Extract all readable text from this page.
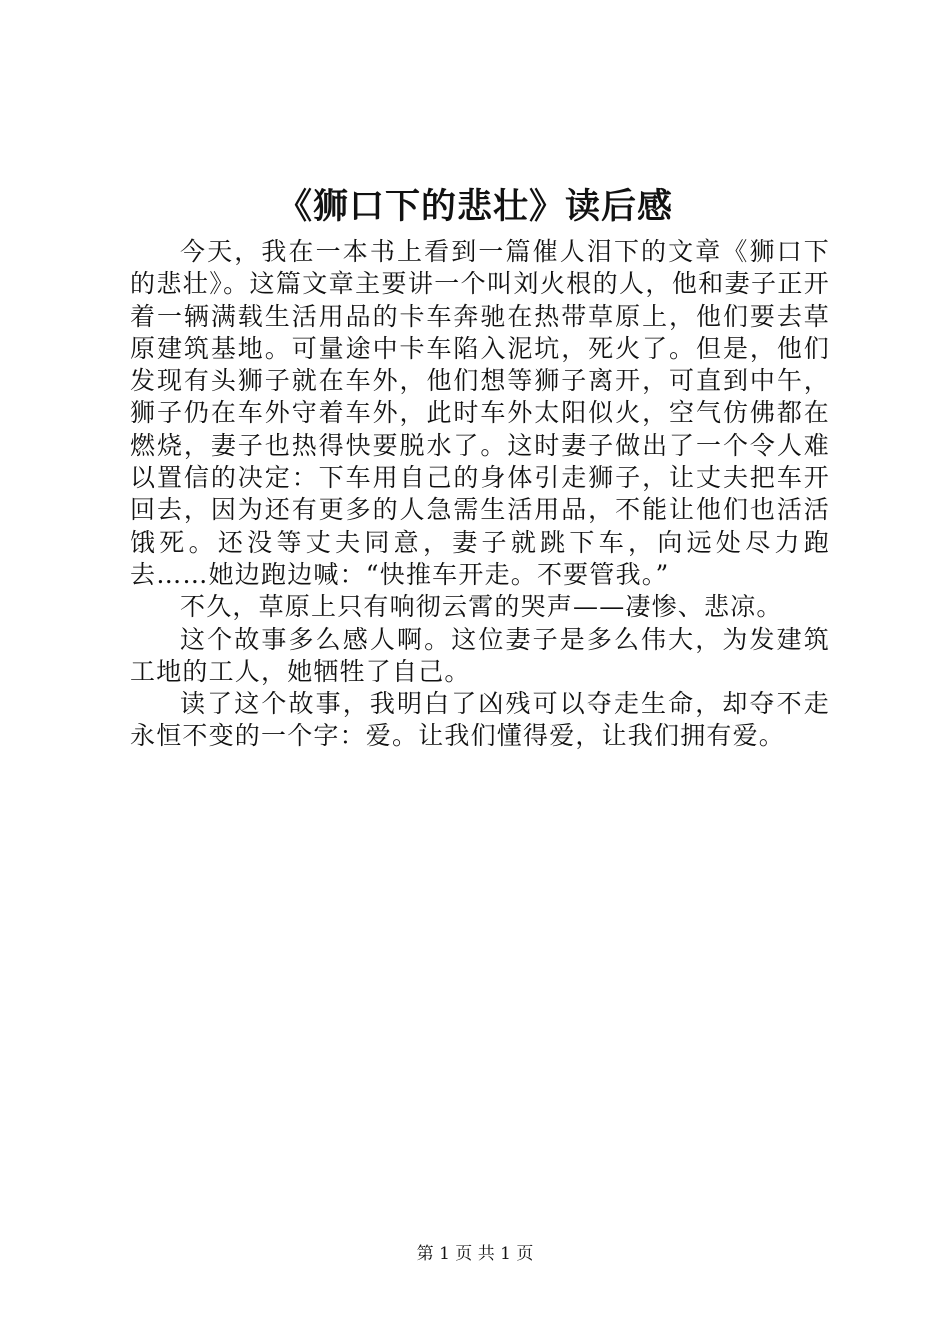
《狮口下的悲壮》读后感

今天，我在一本书上看到一篇催人泪下的文章《狮口下的悲壮》。这篇文章主要讲一个叫刘火根的人，他和妻子正开着一辆满载生活用品的卡车奔驰在热带草原上，他们要去草原建筑基地。可量途中卡车陷入泥坑，死火了。但是，他们发现有头狮子就在车外，他们想等狮子离开，可直到中午，狮子仍在车外守着车外，此时车外太阳似火，空气仿佛都在燃烧，妻子也热得快要脱水了。这时妻子做出了一个令人难以置信的决定：下车用自己的身体引走狮子，让丈夫把车开回去，因为还有更多的人急需生活用品，不能让他们也活活饿死。还没等丈夫同意，妻子就跳下车，向远处尽力跑去……她边跑边喊：“快推车开走。不要管我。”

不久，草原上只有响彻云霄的哭声——凄惨、悲凉。

这个故事多么感人啊。这位妻子是多么伟大，为发建筑工地的工人，她牺牲了自己。

读了这个故事，我明白了凶残可以夺走生命，却夺不走永恒不变的一个字：爱。让我们懂得爱，让我们拥有爱。

第 1 页 共 1 页
